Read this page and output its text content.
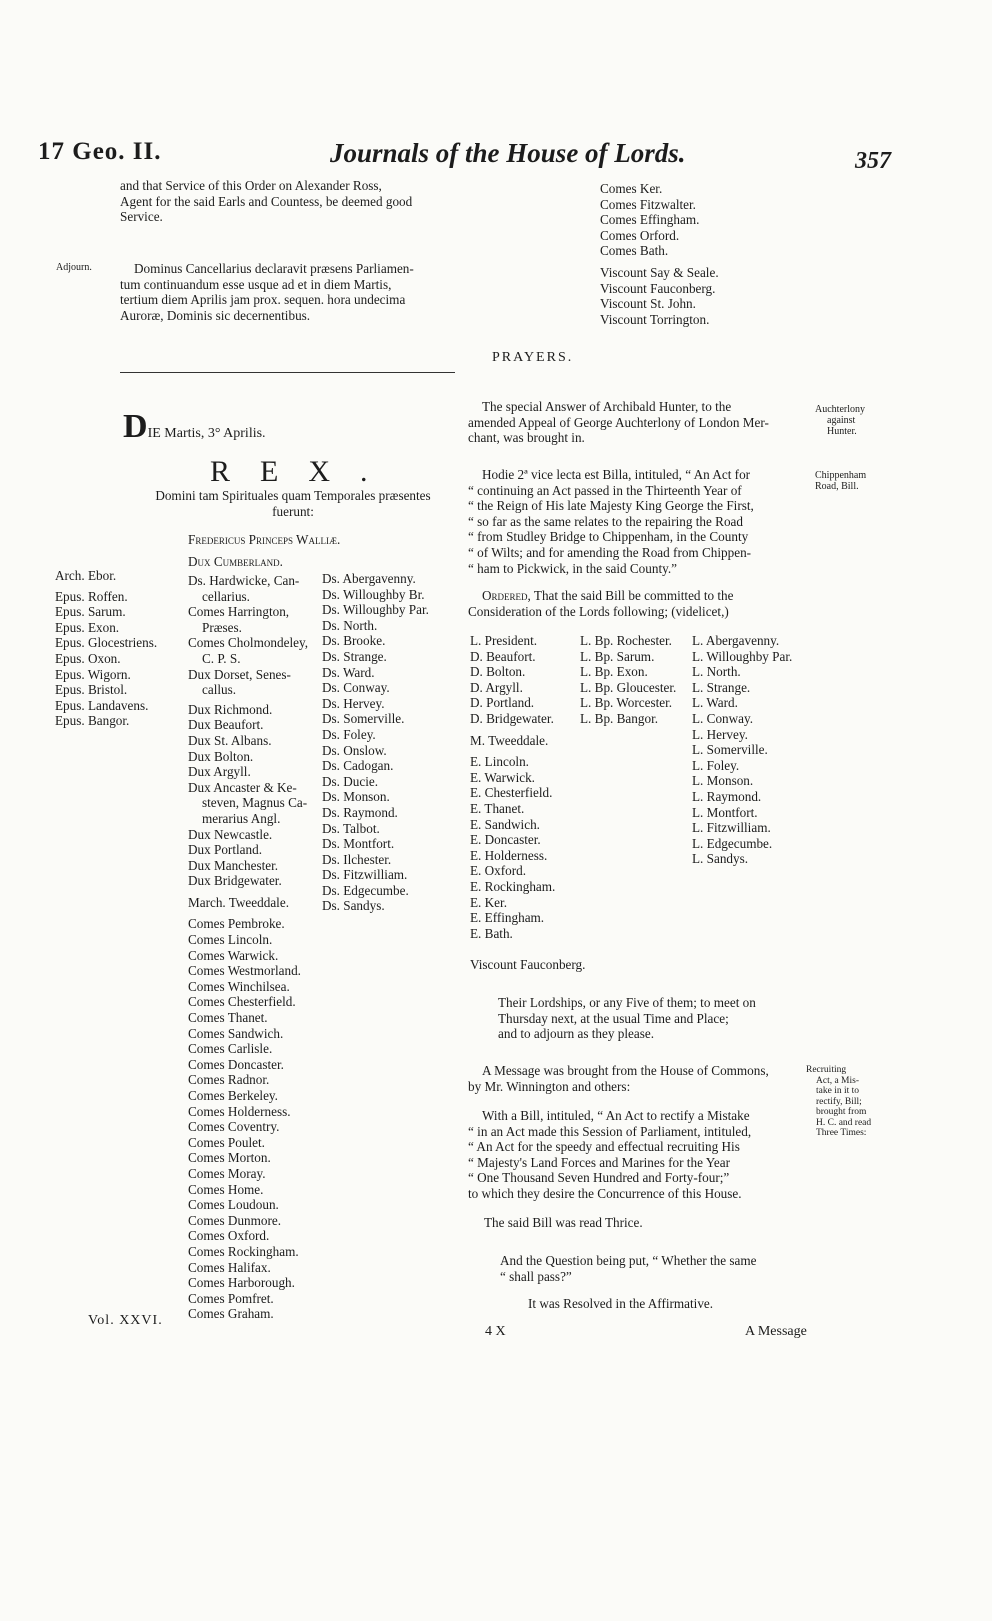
17 Geo. II.	Journals of the House of Lords.	357
and that Service of this Order on Alexander Ross,
Agent for the said Earls and Countess, be deemed good
Service.
Adjourn.	Dominus Cancellarius declaravit præsens Parliamen-
tum continuandum esse usque ad et in diem Martis,
tertium diem Aprilis jam prox. sequen. hora undecima
Auroræ, Dominis sic decernentibus.
Comes Ker.
Comes Fitzwalter.
Comes Effingham.
Comes Orford.
Comes Bath.
Viscount Say & Seale.
Viscount Fauconberg.
Viscount St. John.
Viscount Torrington.
PRAYERS.
DIE Martis, 3° Aprilis.
REX.
Domini tam Spirituales quam Temporales præsentes
fuerunt:
Fredericus Princeps Walliæ.
Dux Cumberland.
Arch. Ebor.
Epus. Roffen.
Epus. Sarum.
Epus. Exon.
Epus. Glocestriens.
Epus. Oxon.
Epus. Wigorn.
Epus. Bristol.
Epus. Landavens.
Epus. Bangor.
Ds. Hardwicke, Can-
cellarius.
Comes Harrington,
Præses.
Comes Cholmondeley,
C. P. S.
Dux Dorset, Senes-
callus.
Dux Richmond.
Dux Beaufort.
Dux St. Albans.
Dux Bolton.
Dux Argyll.
Dux Ancaster & Ke-
steven, Magnus Ca-
merarius Angl.
Dux Newcastle.
Dux Portland.
Dux Manchester.
Dux Bridgewater.
March. Tweeddale.
Comes Pembroke.
Comes Lincoln.
Comes Warwick.
Comes Westmorland.
Comes Winchilsea.
Comes Chesterfield.
Comes Thanet.
Comes Sandwich.
Comes Carlisle.
Comes Doncaster.
Comes Radnor.
Comes Berkeley.
Comes Holderness.
Comes Coventry.
Comes Poulet.
Comes Morton.
Comes Moray.
Comes Home.
Comes Loudoun.
Comes Dunmore.
Comes Oxford.
Comes Rockingham.
Comes Halifax.
Comes Harborough.
Comes Pomfret.
Comes Graham.
Ds. Abergavenny.
Ds. Willoughby Br.
Ds. Willoughby Par.
Ds. North.
Ds. Brooke.
Ds. Strange.
Ds. Ward.
Ds. Conway.
Ds. Hervey.
Ds. Somerville.
Ds. Foley.
Ds. Onslow.
Ds. Cadogan.
Ds. Ducie.
Ds. Monson.
Ds. Raymond.
Ds. Talbot.
Ds. Montfort.
Ds. Ilchester.
Ds. Fitzwilliam.
Ds. Edgecumbe.
Ds. Sandys.
Auchterlony
against
Hunter.
The special Answer of Archibald Hunter, to the
amended Appeal of George Auchterlony of London Mer-
chant, was brought in.
Chippenham
Road, Bill.
Hodie 2ª vice lecta est Billa, intituled, “ An Act for
“ continuing an Act passed in the Thirteenth Year of
“ the Reign of His late Majesty King George the First,
“ so far as the same relates to the repairing the Road
“ from Studley Bridge to Chippenham, in the County
“ of Wilts; and for amending the Road from Chippen-
“ ham to Pickwick, in the said County.”
Ordered, That the said Bill be committed to the
Consideration of the Lords following; (videlicet,)
L. President.
D. Beaufort.
D. Bolton.
D. Argyll.
D. Portland.
D. Bridgewater.
M. Tweeddale.
E. Lincoln.
E. Warwick.
E. Chesterfield.
E. Thanet.
E. Sandwich.
E. Doncaster.
E. Holderness.
E. Oxford.
E. Rockingham.
E. Ker.
E. Effingham.
E. Bath.
L. Bp. Rochester.
L. Bp. Sarum.
L. Bp. Exon.
L. Bp. Gloucester.
L. Bp. Worcester.
L. Bp. Bangor.
L. Abergavenny.
L. Willoughby Par.
L. North.
L. Strange.
L. Ward.
L. Conway.
L. Hervey.
L. Somerville.
L. Foley.
L. Monson.
L. Raymond.
L. Montfort.
L. Fitzwilliam.
L. Edgecumbe.
L. Sandys.
Viscount Fauconberg.
Their Lordships, or any Five of them; to meet on
Thursday next, at the usual Time and Place;
and to adjourn as they please.
Recruiting
Act, a Mis-
take in it to
rectify, Bill;
brought from
H. C. and read
Three Times:
A Message was brought from the House of Commons,
by Mr. Winnington and others:
With a Bill, intituled, “ An Act to rectify a Mistake
“ in an Act made this Session of Parliament, intituled,
“ An Act for the speedy and effectual recruiting His
“ Majesty's Land Forces and Marines for the Year
“ One Thousand Seven Hundred and Forty-four;”
to which they desire the Concurrence of this House.
The said Bill was read Thrice.
And the Question being put, “ Whether the same
“ shall pass?”
It was Resolved in the Affirmative.
Vol. XXVI.
4 X	A Message
